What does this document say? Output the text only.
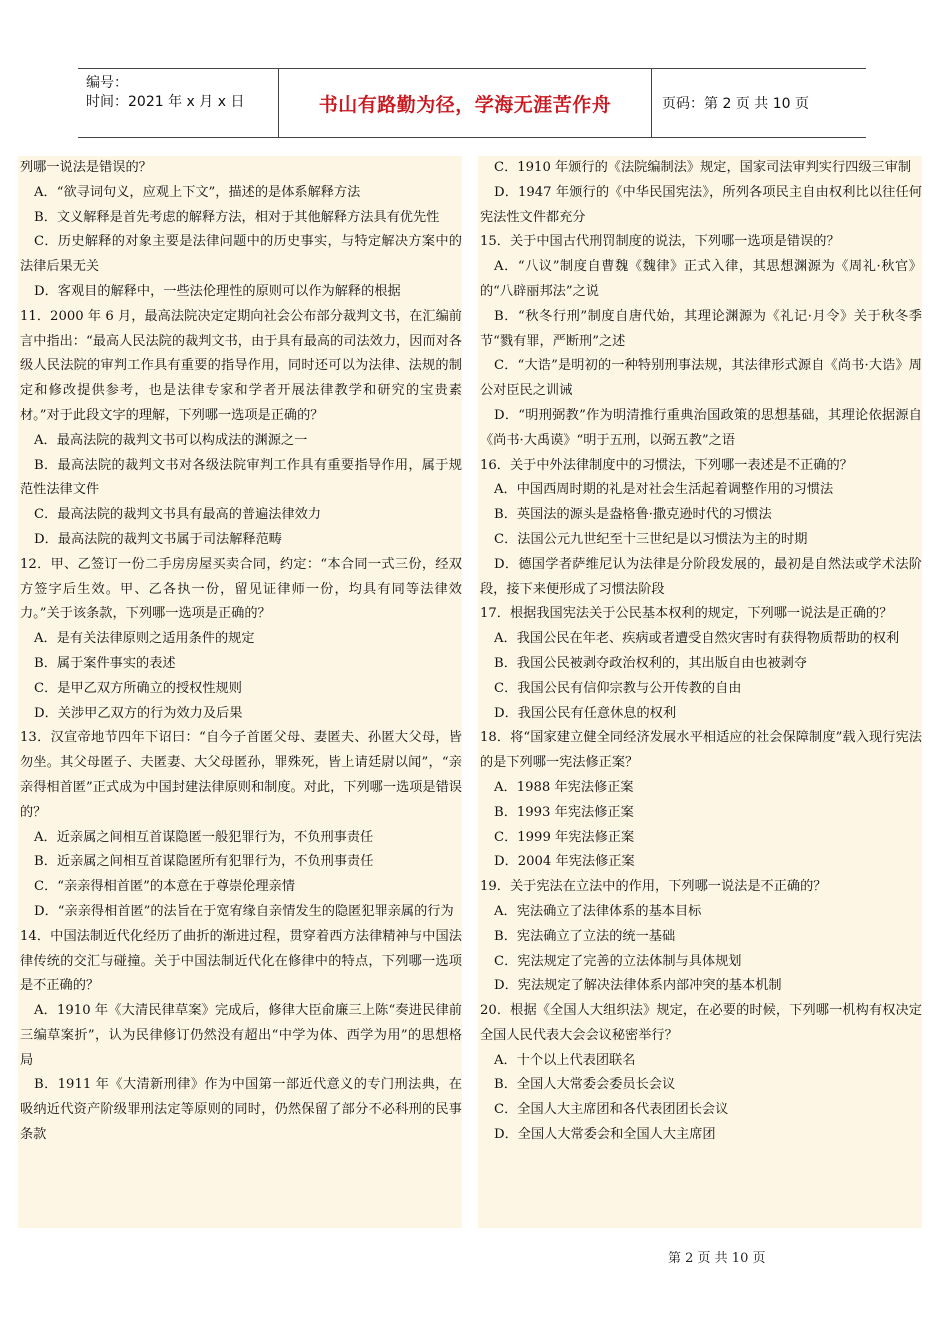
编号：
时间：2021 年 x 月 x 日	书山有路勤为径，学海无涯苦作舟	页码：第 2 页 共 10 页

列哪一说法是错误的？

A．“欲寻词句义，应观上下文”，描述的是体系解释方法

B．文义解释是首先考虑的解释方法，相对于其他解释方法具有优先性

C．历史解释的对象主要是法律问题中的历史事实，与特定解决方案中的法律后果无关

D．客观目的解释中，一些法伦理性的原则可以作为解释的根据

11．2000 年 6 月，最高法院决定定期向社会公布部分裁判文书，在汇编前言中指出：“最高人民法院的裁判文书，由于具有最高的司法效力，因而对各级人民法院的审判工作具有重要的指导作用，同时还可以为法律、法规的制定和修改提供参考，也是法律专家和学者开展法律教学和研究的宝贵素材。”对于此段文字的理解，下列哪一选项是正确的？

A．最高法院的裁判文书可以构成法的渊源之一

B．最高法院的裁判文书对各级法院审判工作具有重要指导作用，属于规范性法律文件

C．最高法院的裁判文书具有最高的普遍法律效力

D．最高法院的裁判文书属于司法解释范畴

12．甲、乙签订一份二手房房屋买卖合同，约定：“本合同一式三份，经双方签字后生效。甲、乙各执一份，留见证律师一份，均具有同等法律效力。”关于该条款，下列哪一选项是正确的？

A．是有关法律原则之适用条件的规定

B．属于案件事实的表述

C．是甲乙双方所确立的授权性规则

D．关涉甲乙双方的行为效力及后果

13．汉宣帝地节四年下诏曰：“自今子首匿父母、妻匿夫、孙匿大父母，皆勿坐。其父母匿子、夫匿妻、大父母匿孙，罪殊死，皆上请廷尉以闻”，“亲亲得相首匿”正式成为中国封建法律原则和制度。对此，下列哪一选项是错误的？

A．近亲属之间相互首谋隐匿一般犯罪行为，不负刑事责任

B．近亲属之间相互首谋隐匿所有犯罪行为，不负刑事责任

C．“亲亲得相首匿”的本意在于尊崇伦理亲情

D．“亲亲得相首匿”的法旨在于宽宥缘自亲情发生的隐匿犯罪亲属的行为

14．中国法制近代化经历了曲折的渐进过程，贯穿着西方法律精神与中国法律传统的交汇与碰撞。关于中国法制近代化在修律中的特点，下列哪一选项是不正确的？

A．1910 年《大清民律草案》完成后，修律大臣俞廉三上陈“奏进民律前三编草案折”，认为民律修订仍然没有超出“中学为体、西学为用”的思想格局

B．1911 年《大清新刑律》作为中国第一部近代意义的专门刑法典，在吸纳近代资产阶级罪刑法定等原则的同时，仍然保留了部分不必科刑的民事条款

C．1910 年颁行的《法院编制法》规定，国家司法审判实行四级三审制

D．1947 年颁行的《中华民国宪法》，所列各项民主自由权利比以往任何宪法性文件都充分

15．关于中国古代刑罚制度的说法，下列哪一选项是错误的？

A．“八议”制度自曹魏《魏律》正式入律，其思想渊源为《周礼·秋官》的“八辟丽邦法”之说

B．“秋冬行刑”制度自唐代始，其理论渊源为《礼记·月令》关于秋冬季节“戮有罪，严断刑”之述

C．“大诰”是明初的一种特别刑事法规，其法律形式源自《尚书·大诰》周公对臣民之训诫

D．“明刑弼教”作为明清推行重典治国政策的思想基础，其理论依据源自《尚书·大禹谟》“明于五刑，以弼五教”之语

16．关于中外法律制度中的习惯法，下列哪一表述是不正确的？

A．中国西周时期的礼是对社会生活起着调整作用的习惯法

B．英国法的源头是盎格鲁·撒克逊时代的习惯法

C．法国公元九世纪至十三世纪是以习惯法为主的时期

D．德国学者萨维尼认为法律是分阶段发展的，最初是自然法或学术法阶段，接下来便形成了习惯法阶段

17．根据我国宪法关于公民基本权利的规定，下列哪一说法是正确的？

A．我国公民在年老、疾病或者遭受自然灾害时有获得物质帮助的权利

B．我国公民被剥夺政治权利的，其出版自由也被剥夺

C．我国公民有信仰宗教与公开传教的自由

D．我国公民有任意休息的权利

18．将“国家建立健全同经济发展水平相适应的社会保障制度”载入现行宪法的是下列哪一宪法修正案？

A．1988 年宪法修正案

B．1993 年宪法修正案

C．1999 年宪法修正案

D．2004 年宪法修正案

19．关于宪法在立法中的作用，下列哪一说法是不正确的？

A．宪法确立了法律体系的基本目标

B．宪法确立了立法的统一基础

C．宪法规定了完善的立法体制与具体规划

D．宪法规定了解决法律体系内部冲突的基本机制

20．根据《全国人大组织法》规定，在必要的时候，下列哪一机构有权决定全国人民代表大会会议秘密举行？

A．十个以上代表团联名

B．全国人大常委会委员长会议

C．全国人大主席团和各代表团团长会议

D．全国人大常委会和全国人大主席团

第 2 页 共 10 页
